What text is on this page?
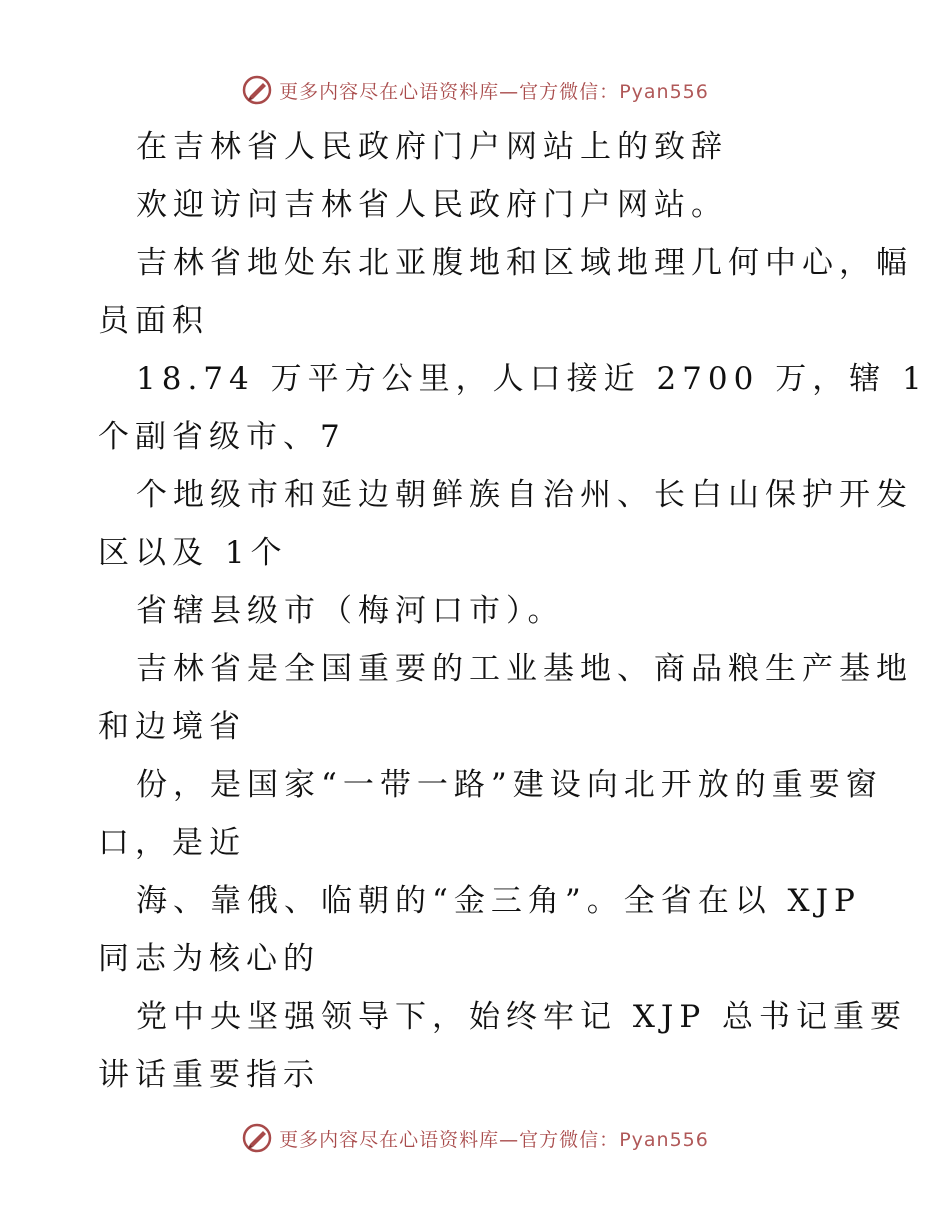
更多内容尽在心语资料库—官方微信：Pyan556
在吉林省人民政府门户网站上的致辞
欢迎访问吉林省人民政府门户网站。
吉林省地处东北亚腹地和区域地理几何中心，幅
员面积
18.74 万平方公里，人口接近 2700 万，辖 1
个副省级市、7
个地级市和延边朝鲜族自治州、长白山保护开发
区以及 1个
省辖县级市（梅河口市）。
吉林省是全国重要的工业基地、商品粮生产基地
和边境省
份，是国家“一带一路”建设向北开放的重要窗
口，是近
海、靠俄、临朝的“金三角”。全省在以 XJP
同志为核心的
党中央坚强领导下，始终牢记 XJP 总书记重要
讲话重要指示
更多内容尽在心语资料库—官方微信：Pyan556
